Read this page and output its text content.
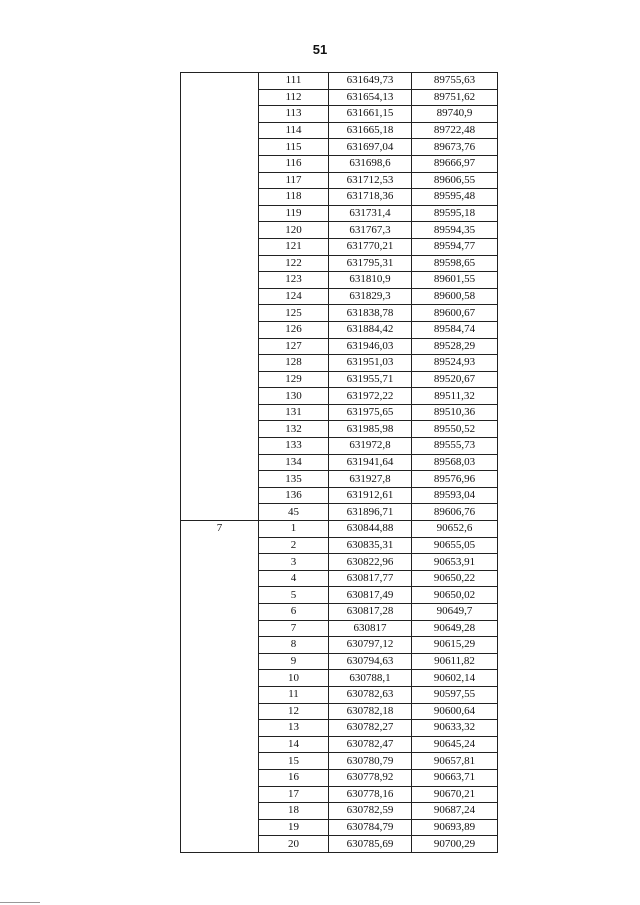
51
	111	631649,73	89755,63
	112	631654,13	89751,62
	113	631661,15	89740,9
	114	631665,18	89722,48
	115	631697,04	89673,76
	116	631698,6	89666,97
	117	631712,53	89606,55
	118	631718,36	89595,48
	119	631731,4	89595,18
	120	631767,3	89594,35
	121	631770,21	89594,77
	122	631795,31	89598,65
	123	631810,9	89601,55
	124	631829,3	89600,58
	125	631838,78	89600,67
	126	631884,42	89584,74
	127	631946,03	89528,29
	128	631951,03	89524,93
	129	631955,71	89520,67
	130	631972,22	89511,32
	131	631975,65	89510,36
	132	631985,98	89550,52
	133	631972,8	89555,73
	134	631941,64	89568,03
	135	631927,8	89576,96
	136	631912,61	89593,04
	45	631896,71	89606,76
7	1	630844,88	90652,6
	2	630835,31	90655,05
	3	630822,96	90653,91
	4	630817,77	90650,22
	5	630817,49	90650,02
	6	630817,28	90649,7
	7	630817	90649,28
	8	630797,12	90615,29
	9	630794,63	90611,82
	10	630788,1	90602,14
	11	630782,63	90597,55
	12	630782,18	90600,64
	13	630782,27	90633,32
	14	630782,47	90645,24
	15	630780,79	90657,81
	16	630778,92	90663,71
	17	630778,16	90670,21
	18	630782,59	90687,24
	19	630784,79	90693,89
	20	630785,69	90700,29
